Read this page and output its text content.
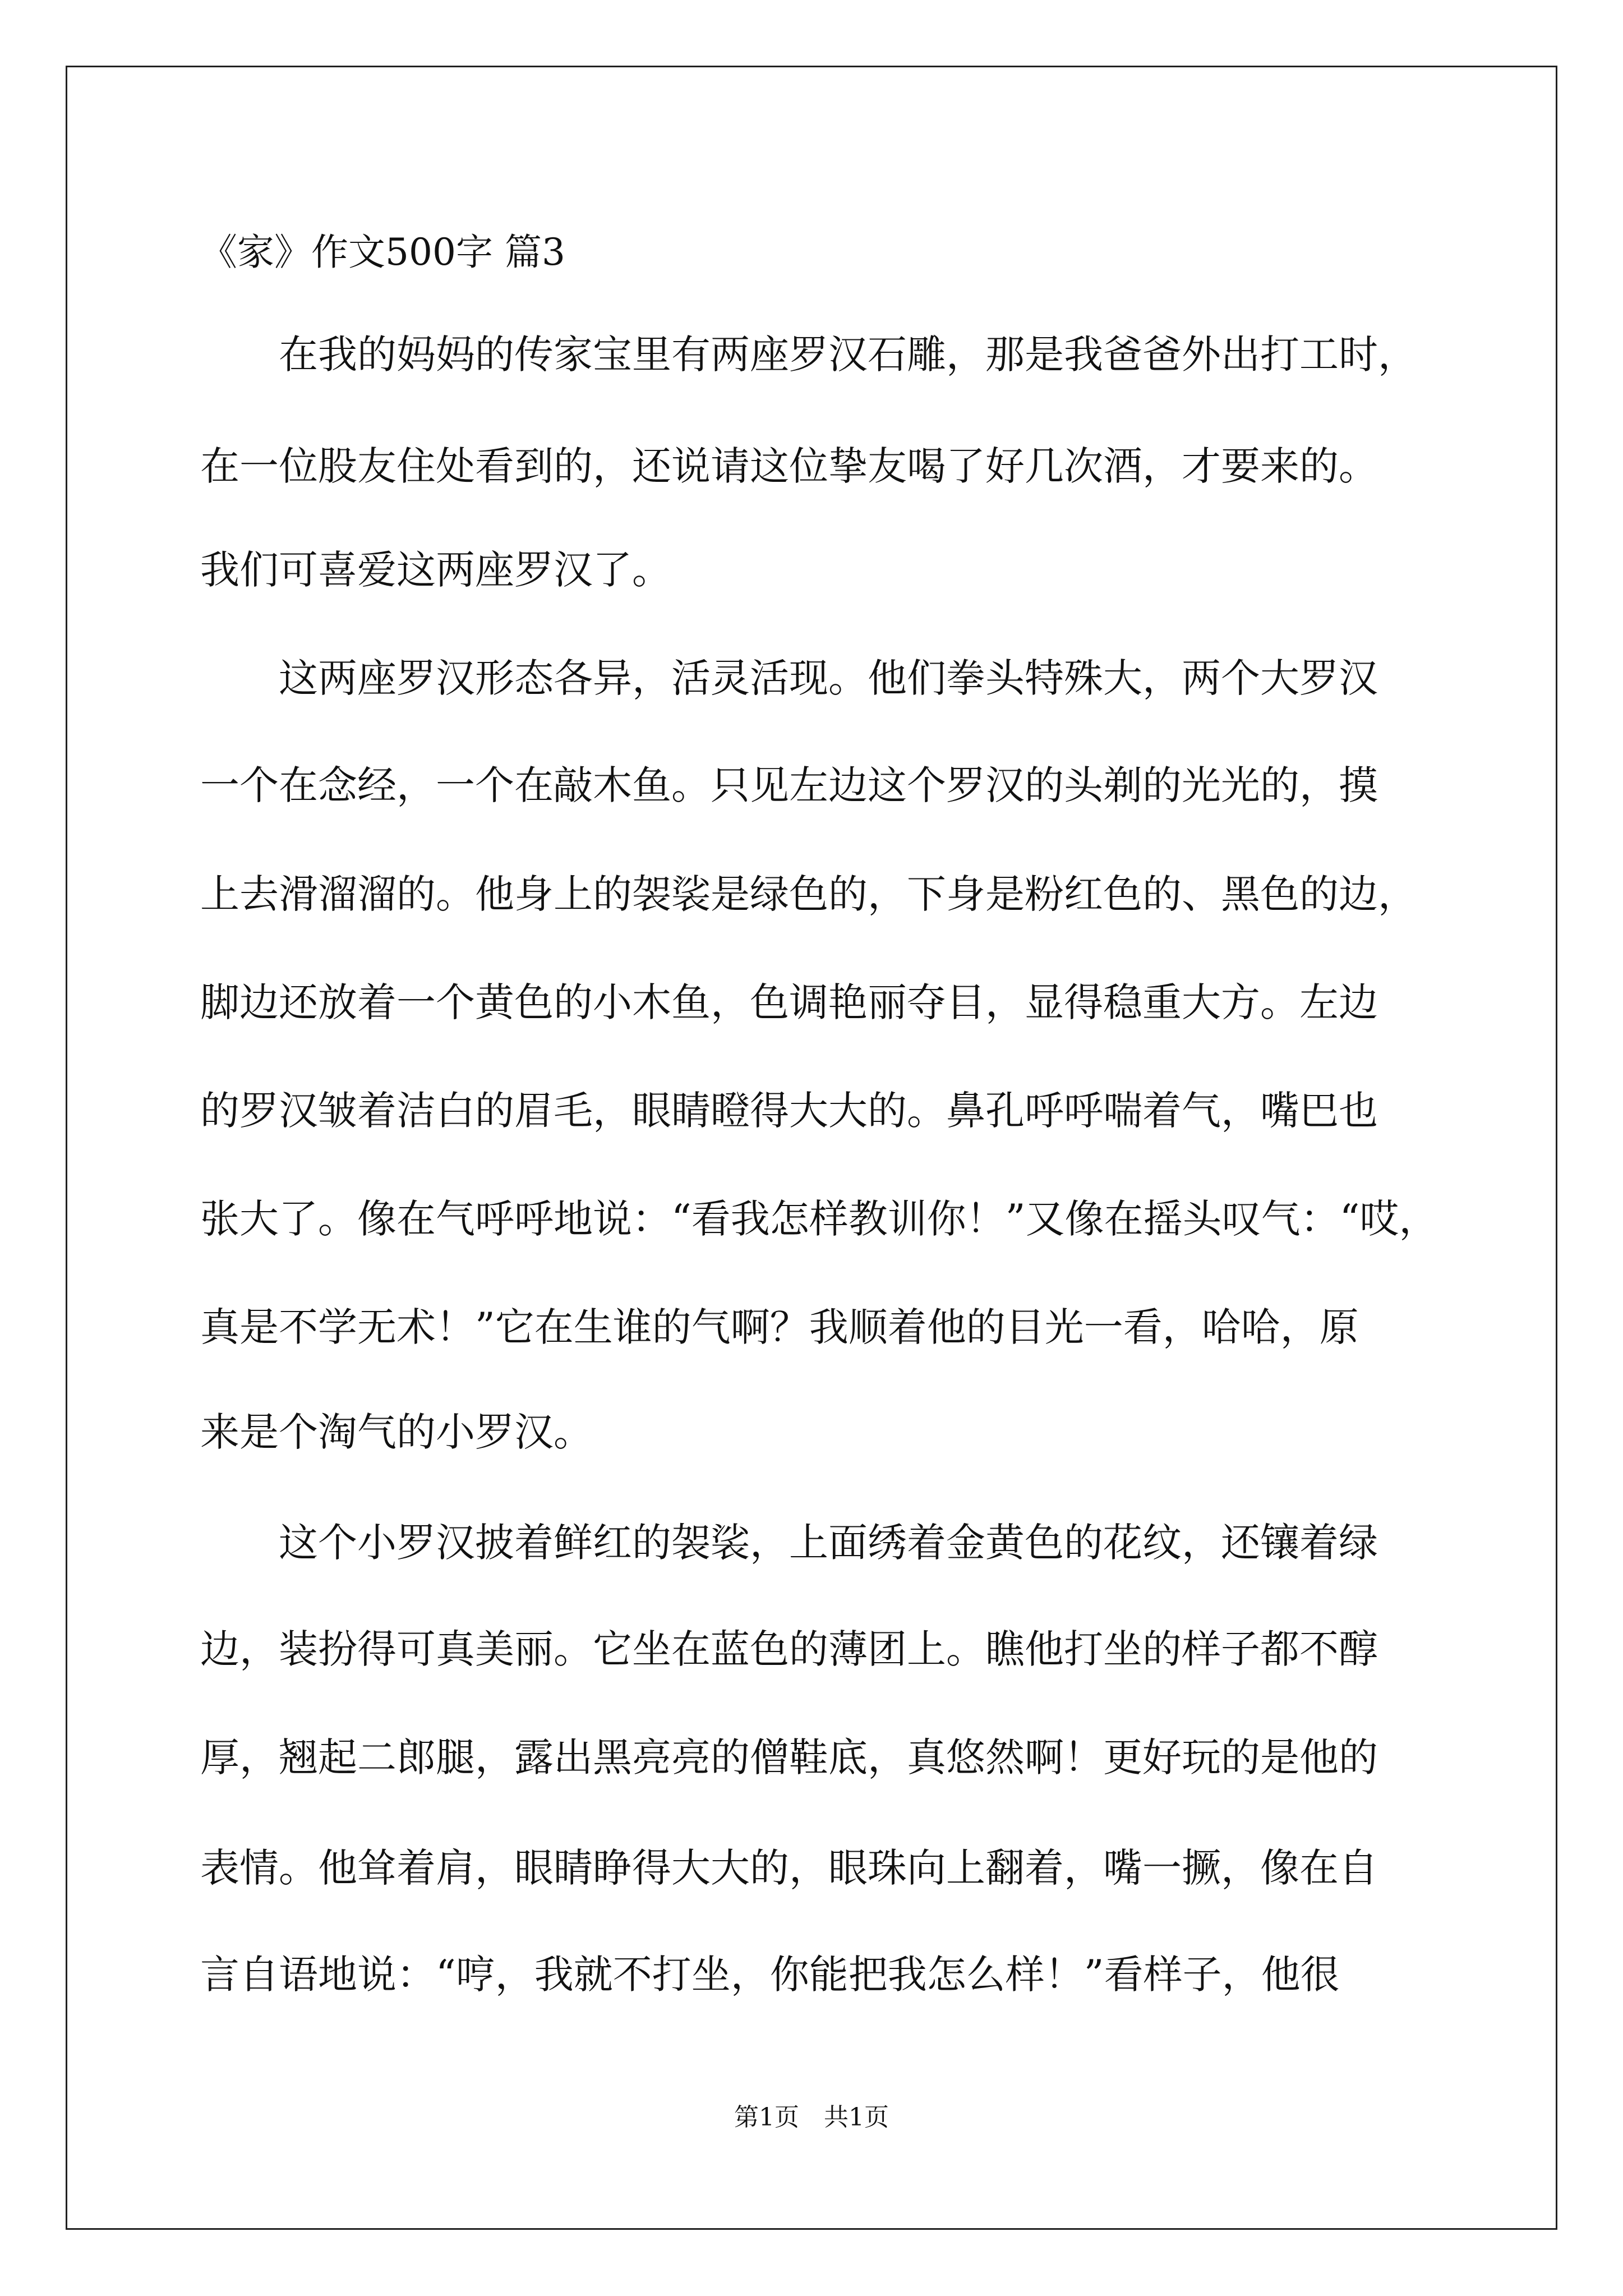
《家》作文500字 篇3
　　在我的妈妈的传家宝里有两座罗汉石雕，那是我爸爸外出打工时，
在一位股友住处看到的，还说请这位挚友喝了好几次酒，才要来的。
我们可喜爱这两座罗汉了。
　　这两座罗汉形态各异，活灵活现。他们拳头特殊大，两个大罗汉
一个在念经，一个在敲木鱼。只见左边这个罗汉的头剃的光光的，摸
上去滑溜溜的。他身上的袈裟是绿色的，下身是粉红色的、黑色的边，
脚边还放着一个黄色的小木鱼，色调艳丽夺目，显得稳重大方。左边
的罗汉皱着洁白的眉毛，眼睛瞪得大大的。鼻孔呼呼喘着气，嘴巴也
张大了。像在气呼呼地说：“看我怎样教训你！”又像在摇头叹气：“哎，
真是不学无术！”它在生谁的气啊？我顺着他的目光一看，哈哈，原
来是个淘气的小罗汉。
　　这个小罗汉披着鲜红的袈裟，上面绣着金黄色的花纹，还镶着绿
边，装扮得可真美丽。它坐在蓝色的薄团上。瞧他打坐的样子都不醇
厚，翘起二郎腿，露出黑亮亮的僧鞋底，真悠然啊！更好玩的是他的
表情。他耸着肩，眼睛睁得大大的，眼珠向上翻着，嘴一撅，像在自
言自语地说：“哼，我就不打坐，你能把我怎么样！”看样子，他很
第1页　共1页
